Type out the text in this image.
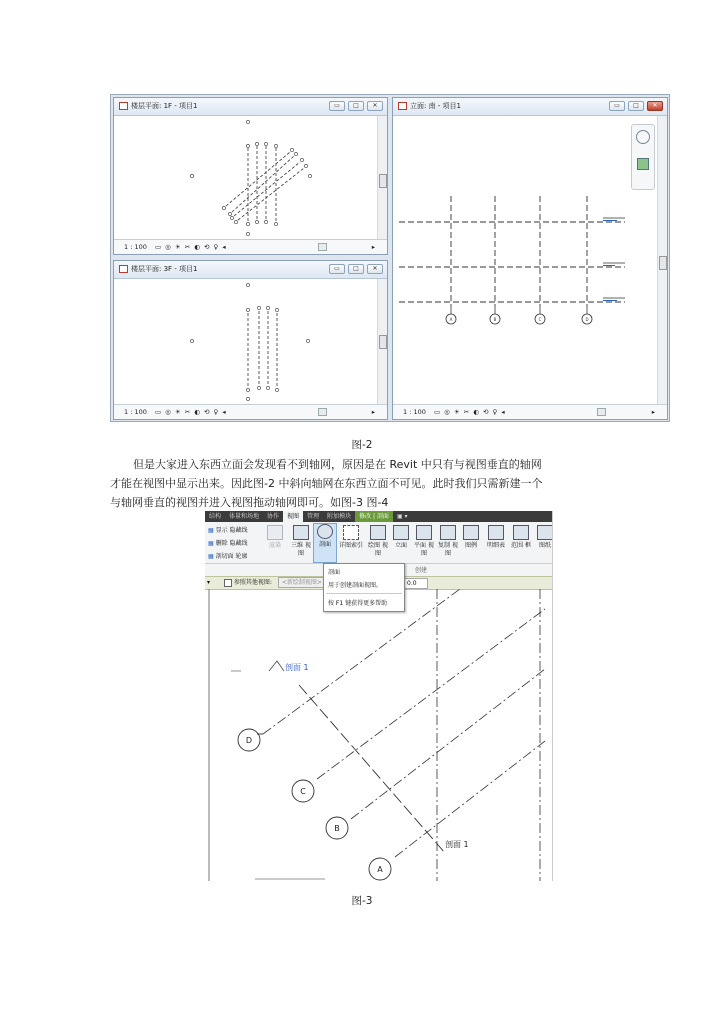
楼层平面: 1F - 项目1	▭	□	✕
1 : 100 ▭ ◎ ☀ ✂ ◐ ⟲ ♀ ◂	▸
楼层平面: 3F - 项目1	▭	□	✕
1 : 100 ▭ ◎ ☀ ✂ ◐ ⟲ ♀ ◂	▸
立面: 南 - 项目1	▭	□	✕
A	B	C	D
1 : 100 ▭ ◎ ☀ ✂ ◐ ⟲ ♀ ◂	▸
图-2
但是大家进入东西立面会发现看不到轴网，原因是在 Revit 中只有与视图垂直的轴网
才能在视图中显示出来。因此图-2 中斜向轴网在东西立面不可见。此时我们只需新建一个
与轴网垂直的视图并进入视图拖动轴网即可。如图-3 图-4
结构 体量和场地 协作 视图 管理 附加模块 修改 | 剖面 ▣ ▾
▦ 显示 隐藏线
▦ 删除 隐藏线
▦ 剖切面 轮廓
渲染	三维 视图
剖面	详图索引 绘图 视图
立面	平面 视图
复制 视图
图例	明细表	范围 框	图纸
创建
▾	参照其他视图: <新绘制视图>	0.0
剖面
用于创建剖面视图。
按 F1 键获得更多帮助
D
C
B
A
剖面 1
剖面 1
图-3
